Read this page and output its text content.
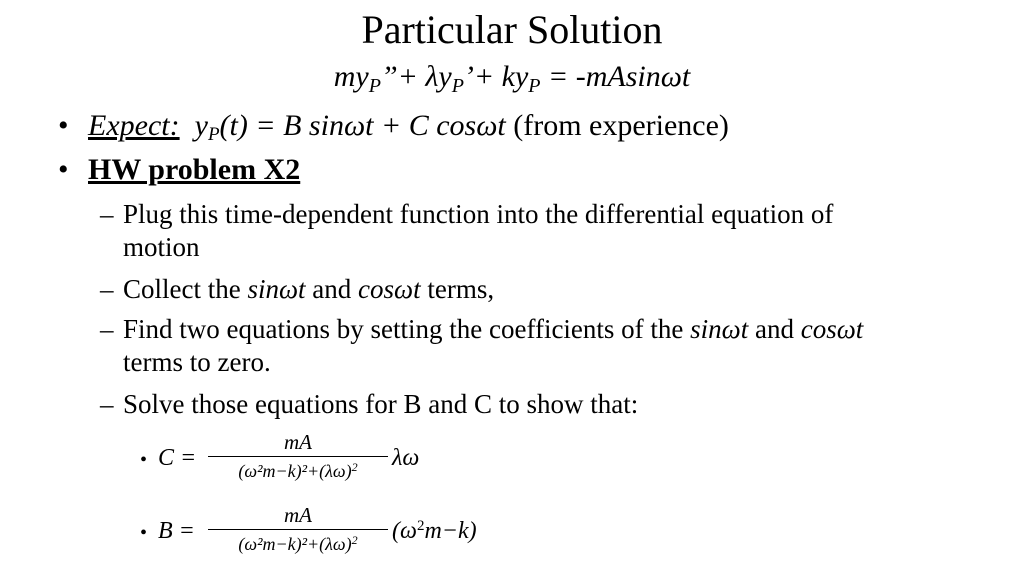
Particular Solution
$my_P”+$ $\lambda y_P’+ ky_P = -mAsin\omega t$
• Expect: $y_P(t) = B$ sinωt + C cosωt (from experience)
• HW problem X2
– Plug this time-dependent function into the differential equation of
motion
– Collect the sinωt and cosωt terms,
– Find two equations by setting the coefficients of the sinωt and cosωt
terms to zero.
– Solve those equations for B and C to show that:
• C =
mA
$(\omega^2m-k)^2+(\lambda\omega)^2$	λω
• B =
mA
$(\omega^2m-k)^2+(\lambda\omega)^2$	$(\omega^2m-k)$
